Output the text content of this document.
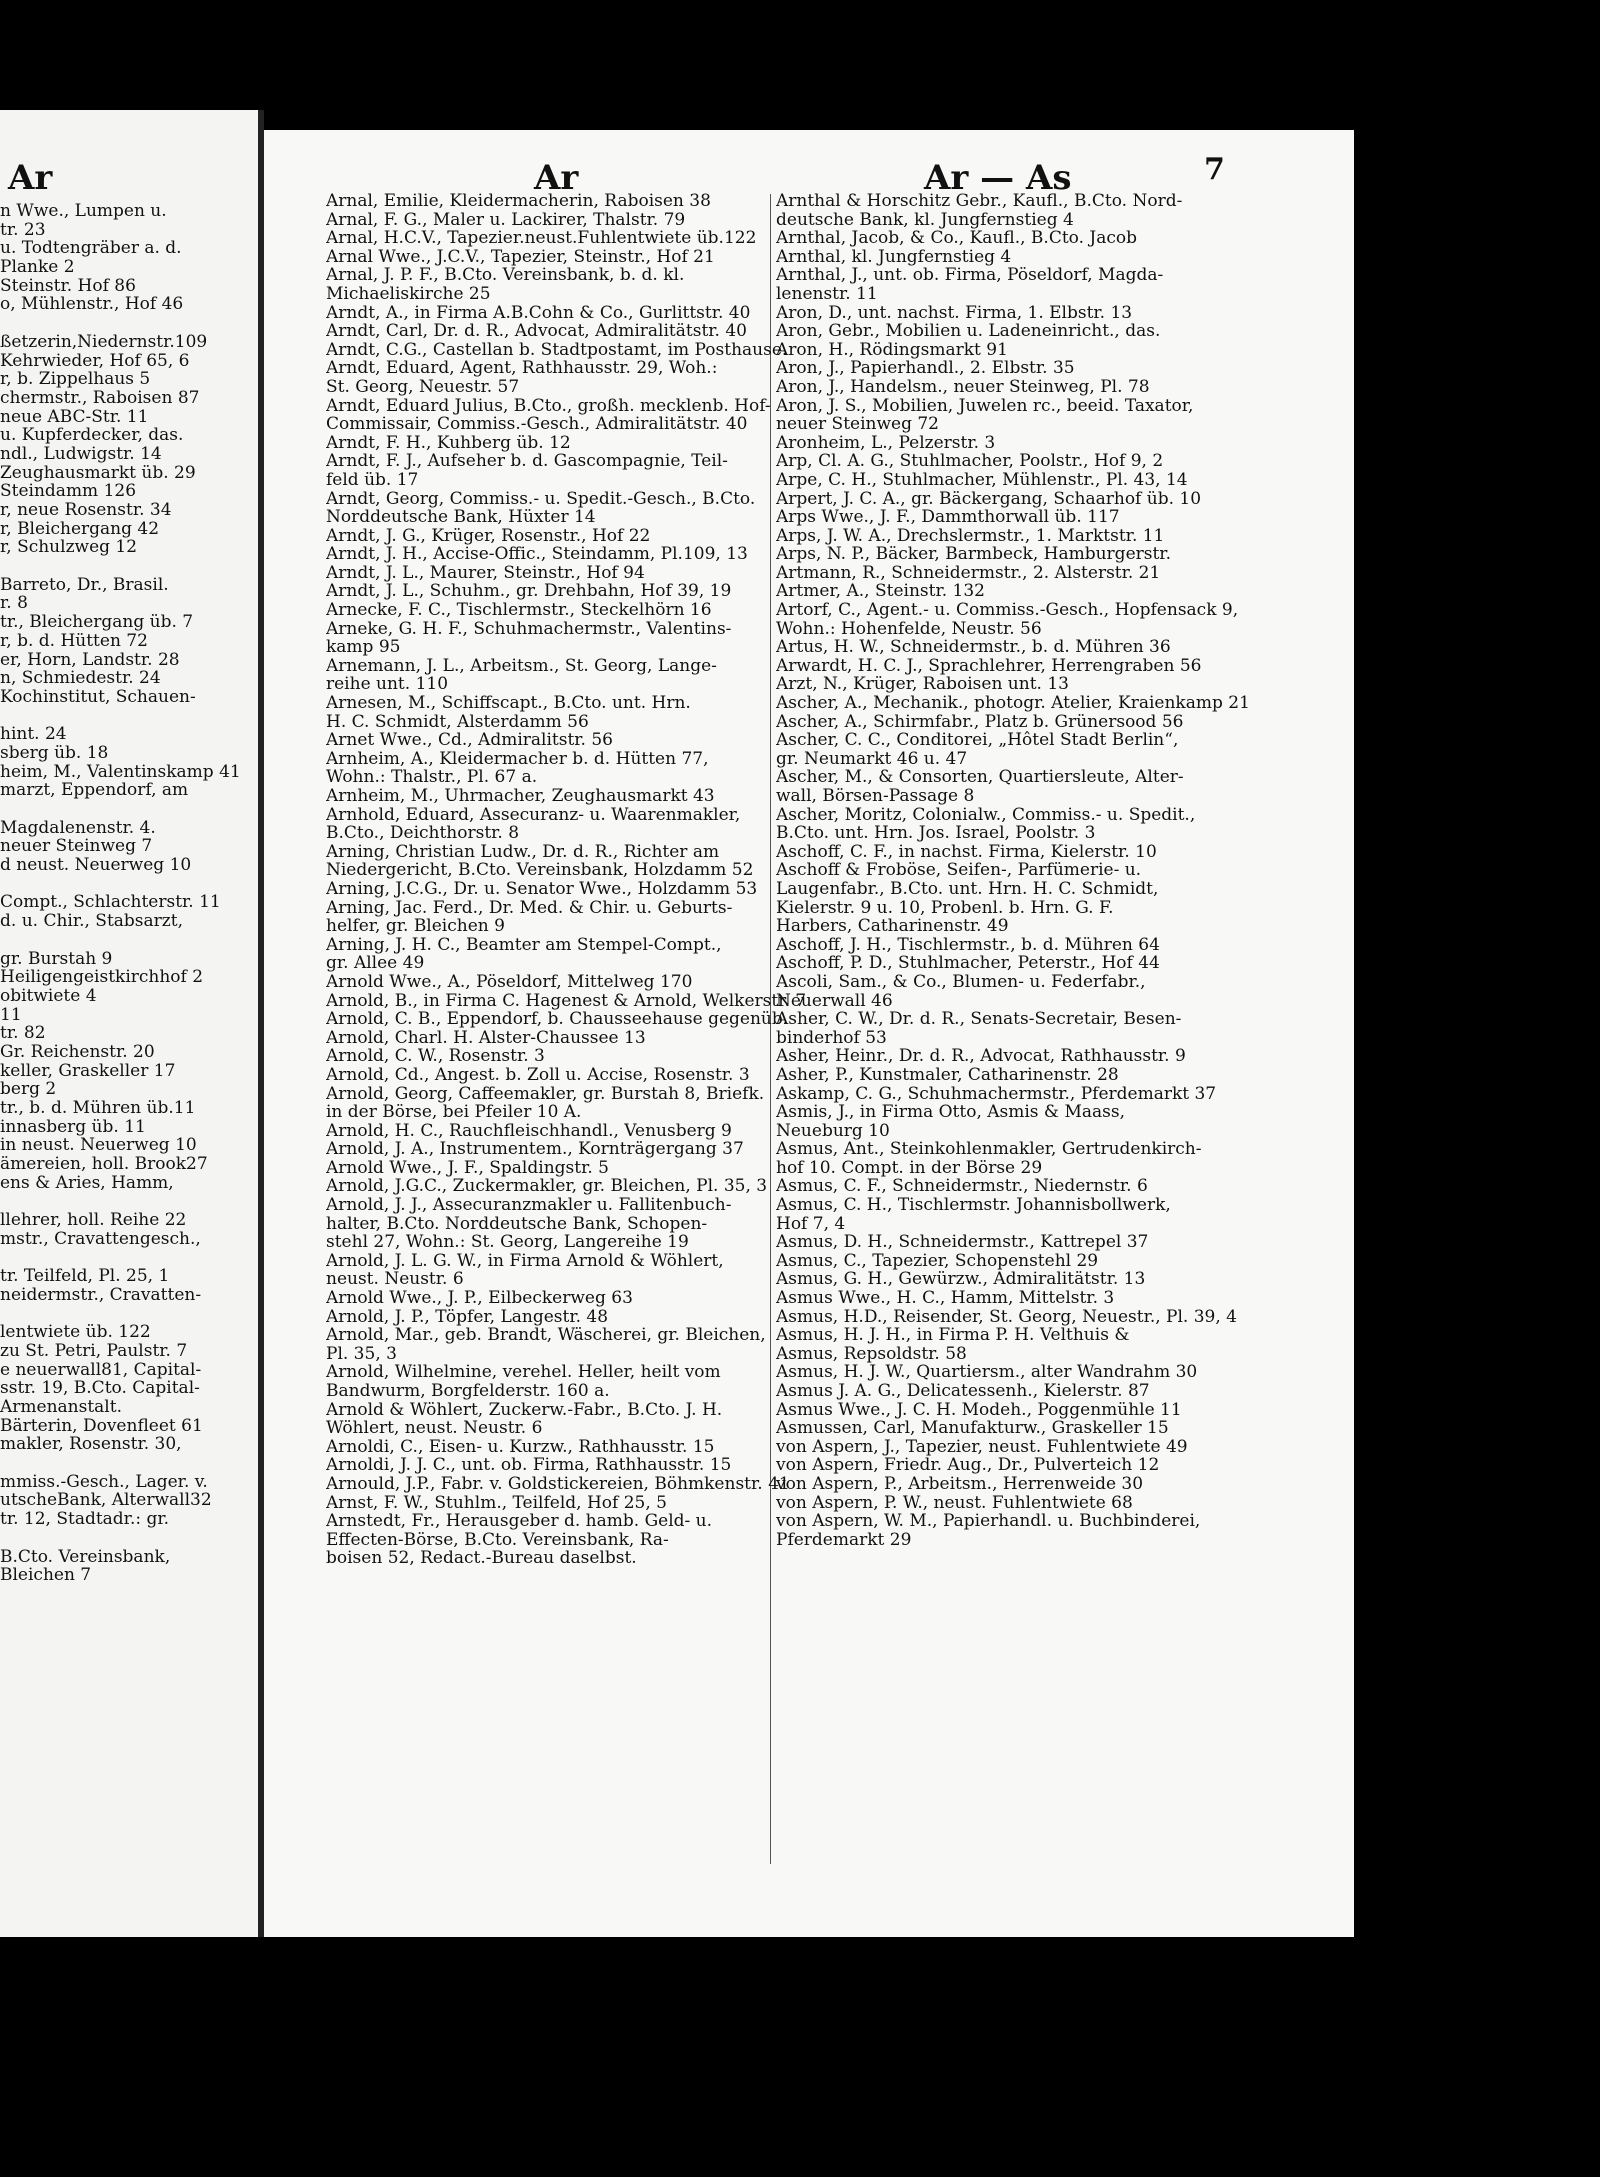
Ar
n Wwe., Lumpen u.
tr. 23
u. Todtengräber a. d.
Planke 2
Steinstr. Hof 86
o, Mühlenstr., Hof 46

ßetzerin,Niedernstr.109
Kehrwieder, Hof 65, 6
r, b. Zippelhaus 5
chermstr., Raboisen 87
neue ABC-Str. 11
u. Kupferdecker, das.
ndl., Ludwigstr. 14
Zeughausmarkt üb. 29
Steindamm 126
r, neue Rosenstr. 34
r, Bleichergang 42
r, Schulzweg 12

Barreto, Dr., Brasil.
r. 8
tr., Bleichergang üb. 7
r, b. d. Hütten 72
er, Horn, Landstr. 28
n, Schmiedestr. 24
Kochinstitut, Schauen-

hint. 24
sberg üb. 18
heim, M., Valentinskamp 41
marzt, Eppendorf, am

Magdalenenstr. 4.
neuer Steinweg 7
d neust. Neuerweg 10

Compt., Schlachterstr. 11
d. u. Chir., Stabsarzt,

gr. Burstah 9
Heiligengeistkirchhof 2
obitwiete 4
11
tr. 82
Gr. Reichenstr. 20
keller, Graskeller 17
berg 2
tr., b. d. Mühren üb.11
innasberg üb. 11
in neust. Neuerweg 10
ämereien, holl. Brook27
ens & Aries, Hamm,

llehrer, holl. Reihe 22
mstr., Cravattengesch.,

tr. Teilfeld, Pl. 25, 1
neidermstr., Cravatten-

lentwiete üb. 122
zu St. Petri, Paulstr. 7
e neuerwall81, Capital-
sstr. 19, B.Cto. Capital-
Armenanstalt.
Bärterin, Dovenfleet 61
makler, Rosenstr. 30,

mmiss.-Gesch., Lager. v.
utscheBank, Alterwall32
tr. 12, Stadtadr.: gr.

B.Cto. Vereinsbank,
Bleichen 7
Ar	Ar — As	7
Arnal, Emilie, Kleidermacherin, Raboisen 38
Arnal, F. G., Maler u. Lackirer, Thalstr. 79
Arnal, H.C.V., Tapezier.neust.Fuhlentwiete üb.122
Arnal Wwe., J.C.V., Tapezier, Steinstr., Hof 21
Arnal, J. P. F., B.Cto. Vereinsbank, b. d. kl.
Michaeliskirche 25
Arndt, A., in Firma A.B.Cohn & Co., Gurlittstr. 40
Arndt, Carl, Dr. d. R., Advocat, Admiralitätstr. 40
Arndt, C.G., Castellan b. Stadtpostamt, im Posthause.
Arndt, Eduard, Agent, Rathhausstr. 29, Woh.:
St. Georg, Neuestr. 57
Arndt, Eduard Julius, B.Cto., großh. mecklenb. Hof-
Commissair, Commiss.-Gesch., Admiralitätstr. 40
Arndt, F. H., Kuhberg üb. 12
Arndt, F. J., Aufseher b. d. Gascompagnie, Teil-
feld üb. 17
Arndt, Georg, Commiss.- u. Spedit.-Gesch., B.Cto.
Norddeutsche Bank, Hüxter 14
Arndt, J. G., Krüger, Rosenstr., Hof 22
Arndt, J. H., Accise-Offic., Steindamm, Pl.109, 13
Arndt, J. L., Maurer, Steinstr., Hof 94
Arndt, J. L., Schuhm., gr. Drehbahn, Hof 39, 19
Arnecke, F. C., Tischlermstr., Steckelhörn 16
Arneke, G. H. F., Schuhmachermstr., Valentins-
kamp 95
Arnemann, J. L., Arbeitsm., St. Georg, Lange-
reihe unt. 110
Arnesen, M., Schiffscapt., B.Cto. unt. Hrn.
H. C. Schmidt, Alsterdamm 56
Arnet Wwe., Cd., Admiralitstr. 56
Arnheim, A., Kleidermacher b. d. Hütten 77,
Wohn.: Thalstr., Pl. 67 a.
Arnheim, M., Uhrmacher, Zeughausmarkt 43
Arnhold, Eduard, Assecuranz- u. Waarenmakler,
B.Cto., Deichthorstr. 8
Arning, Christian Ludw., Dr. d. R., Richter am
Niedergericht, B.Cto. Vereinsbank, Holzdamm 52
Arning, J.C.G., Dr. u. Senator Wwe., Holzdamm 53
Arning, Jac. Ferd., Dr. Med. & Chir. u. Geburts-
helfer, gr. Bleichen 9
Arning, J. H. C., Beamter am Stempel-Compt.,
gr. Allee 49
Arnold Wwe., A., Pöseldorf, Mittelweg 170
Arnold, B., in Firma C. Hagenest & Arnold, Welkerstr. 7
Arnold, C. B., Eppendorf, b. Chausseehause gegenüb.
Arnold, Charl. H. Alster-Chaussee 13
Arnold, C. W., Rosenstr. 3
Arnold, Cd., Angest. b. Zoll u. Accise, Rosenstr. 3
Arnold, Georg, Caffeemakler, gr. Burstah 8, Briefk.
in der Börse, bei Pfeiler 10 A.
Arnold, H. C., Rauchfleischhandl., Venusberg 9
Arnold, J. A., Instrumentem., Kornträgergang 37
Arnold Wwe., J. F., Spaldingstr. 5
Arnold, J.G.C., Zuckermakler, gr. Bleichen, Pl. 35, 3
Arnold, J. J., Assecuranzmakler u. Fallitenbuch-
halter, B.Cto. Norddeutsche Bank, Schopen-
stehl 27, Wohn.: St. Georg, Langereihe 19
Arnold, J. L. G. W., in Firma Arnold & Wöhlert,
neust. Neustr. 6
Arnold Wwe., J. P., Eilbeckerweg 63
Arnold, J. P., Töpfer, Langestr. 48
Arnold, Mar., geb. Brandt, Wäscherei, gr. Bleichen,
Pl. 35, 3
Arnold, Wilhelmine, verehel. Heller, heilt vom
Bandwurm, Borgfelderstr. 160 a.
Arnold & Wöhlert, Zuckerw.-Fabr., B.Cto. J. H.
Wöhlert, neust. Neustr. 6
Arnoldi, C., Eisen- u. Kurzw., Rathhausstr. 15
Arnoldi, J. J. C., unt. ob. Firma, Rathhausstr. 15
Arnould, J.P., Fabr. v. Goldstickereien, Böhmkenstr. 41
Arnst, F. W., Stuhlm., Teilfeld, Hof 25, 5
Arnstedt, Fr., Herausgeber d. hamb. Geld- u.
Effecten-Börse, B.Cto. Vereinsbank, Ra-
boisen 52, Redact.-Bureau daselbst.
Arnthal & Horschitz Gebr., Kaufl., B.Cto. Nord-
deutsche Bank, kl. Jungfernstieg 4
Arnthal, Jacob, & Co., Kaufl., B.Cto. Jacob
Arnthal, kl. Jungfernstieg 4
Arnthal, J., unt. ob. Firma, Pöseldorf, Magda-
lenenstr. 11
Aron, D., unt. nachst. Firma, 1. Elbstr. 13
Aron, Gebr., Mobilien u. Ladeneinricht., das.
Aron, H., Rödingsmarkt 91
Aron, J., Papierhandl., 2. Elbstr. 35
Aron, J., Handelsm., neuer Steinweg, Pl. 78
Aron, J. S., Mobilien, Juwelen rc., beeid. Taxator,
neuer Steinweg 72
Aronheim, L., Pelzerstr. 3
Arp, Cl. A. G., Stuhlmacher, Poolstr., Hof 9, 2
Arpe, C. H., Stuhlmacher, Mühlenstr., Pl. 43, 14
Arpert, J. C. A., gr. Bäckergang, Schaarhof üb. 10
Arps Wwe., J. F., Dammthorwall üb. 117
Arps, J. W. A., Drechslermstr., 1. Marktstr. 11
Arps, N. P., Bäcker, Barmbeck, Hamburgerstr.
Artmann, R., Schneidermstr., 2. Alsterstr. 21
Artmer, A., Steinstr. 132
Artorf, C., Agent.- u. Commiss.-Gesch., Hopfensack 9,
Wohn.: Hohenfelde, Neustr. 56
Artus, H. W., Schneidermstr., b. d. Mühren 36
Arwardt, H. C. J., Sprachlehrer, Herrengraben 56
Arzt, N., Krüger, Raboisen unt. 13
Ascher, A., Mechanik., photogr. Atelier, Kraienkamp 21
Ascher, A., Schirmfabr., Platz b. Grünersood 56
Ascher, C. C., Conditorei, „Hôtel Stadt Berlin“,
gr. Neumarkt 46 u. 47
Ascher, M., & Consorten, Quartiersleute, Alter-
wall, Börsen-Passage 8
Ascher, Moritz, Colonialw., Commiss.- u. Spedit.,
B.Cto. unt. Hrn. Jos. Israel, Poolstr. 3
Aschoff, C. F., in nachst. Firma, Kielerstr. 10
Aschoff & Froböse, Seifen-, Parfümerie- u.
Laugenfabr., B.Cto. unt. Hrn. H. C. Schmidt,
Kielerstr. 9 u. 10, Probenl. b. Hrn. G. F.
Harbers, Catharinenstr. 49
Aschoff, J. H., Tischlermstr., b. d. Mühren 64
Aschoff, P. D., Stuhlmacher, Peterstr., Hof 44
Ascoli, Sam., & Co., Blumen- u. Federfabr.,
Neuerwall 46
Asher, C. W., Dr. d. R., Senats-Secretair, Besen-
binderhof 53
Asher, Heinr., Dr. d. R., Advocat, Rathhausstr. 9
Asher, P., Kunstmaler, Catharinenstr. 28
Askamp, C. G., Schuhmachermstr., Pferdemarkt 37
Asmis, J., in Firma Otto, Asmis & Maass,
Neueburg 10
Asmus, Ant., Steinkohlenmakler, Gertrudenkirch-
hof 10. Compt. in der Börse 29
Asmus, C. F., Schneidermstr., Niedernstr. 6
Asmus, C. H., Tischlermstr. Johannisbollwerk,
Hof 7, 4
Asmus, D. H., Schneidermstr., Kattrepel 37
Asmus, C., Tapezier, Schopenstehl 29
Asmus, G. H., Gewürzw., Admiralitätstr. 13
Asmus Wwe., H. C., Hamm, Mittelstr. 3
Asmus, H.D., Reisender, St. Georg, Neuestr., Pl. 39, 4
Asmus, H. J. H., in Firma P. H. Velthuis &
Asmus, Repsoldstr. 58
Asmus, H. J. W., Quartiersm., alter Wandrahm 30
Asmus J. A. G., Delicatessenh., Kielerstr. 87
Asmus Wwe., J. C. H. Modeh., Poggenmühle 11
Asmussen, Carl, Manufakturw., Graskeller 15
von Aspern, J., Tapezier, neust. Fuhlentwiete 49
von Aspern, Friedr. Aug., Dr., Pulverteich 12
von Aspern, P., Arbeitsm., Herrenweide 30
von Aspern, P. W., neust. Fuhlentwiete 68
von Aspern, W. M., Papierhandl. u. Buchbinderei,
Pferdemarkt 29
